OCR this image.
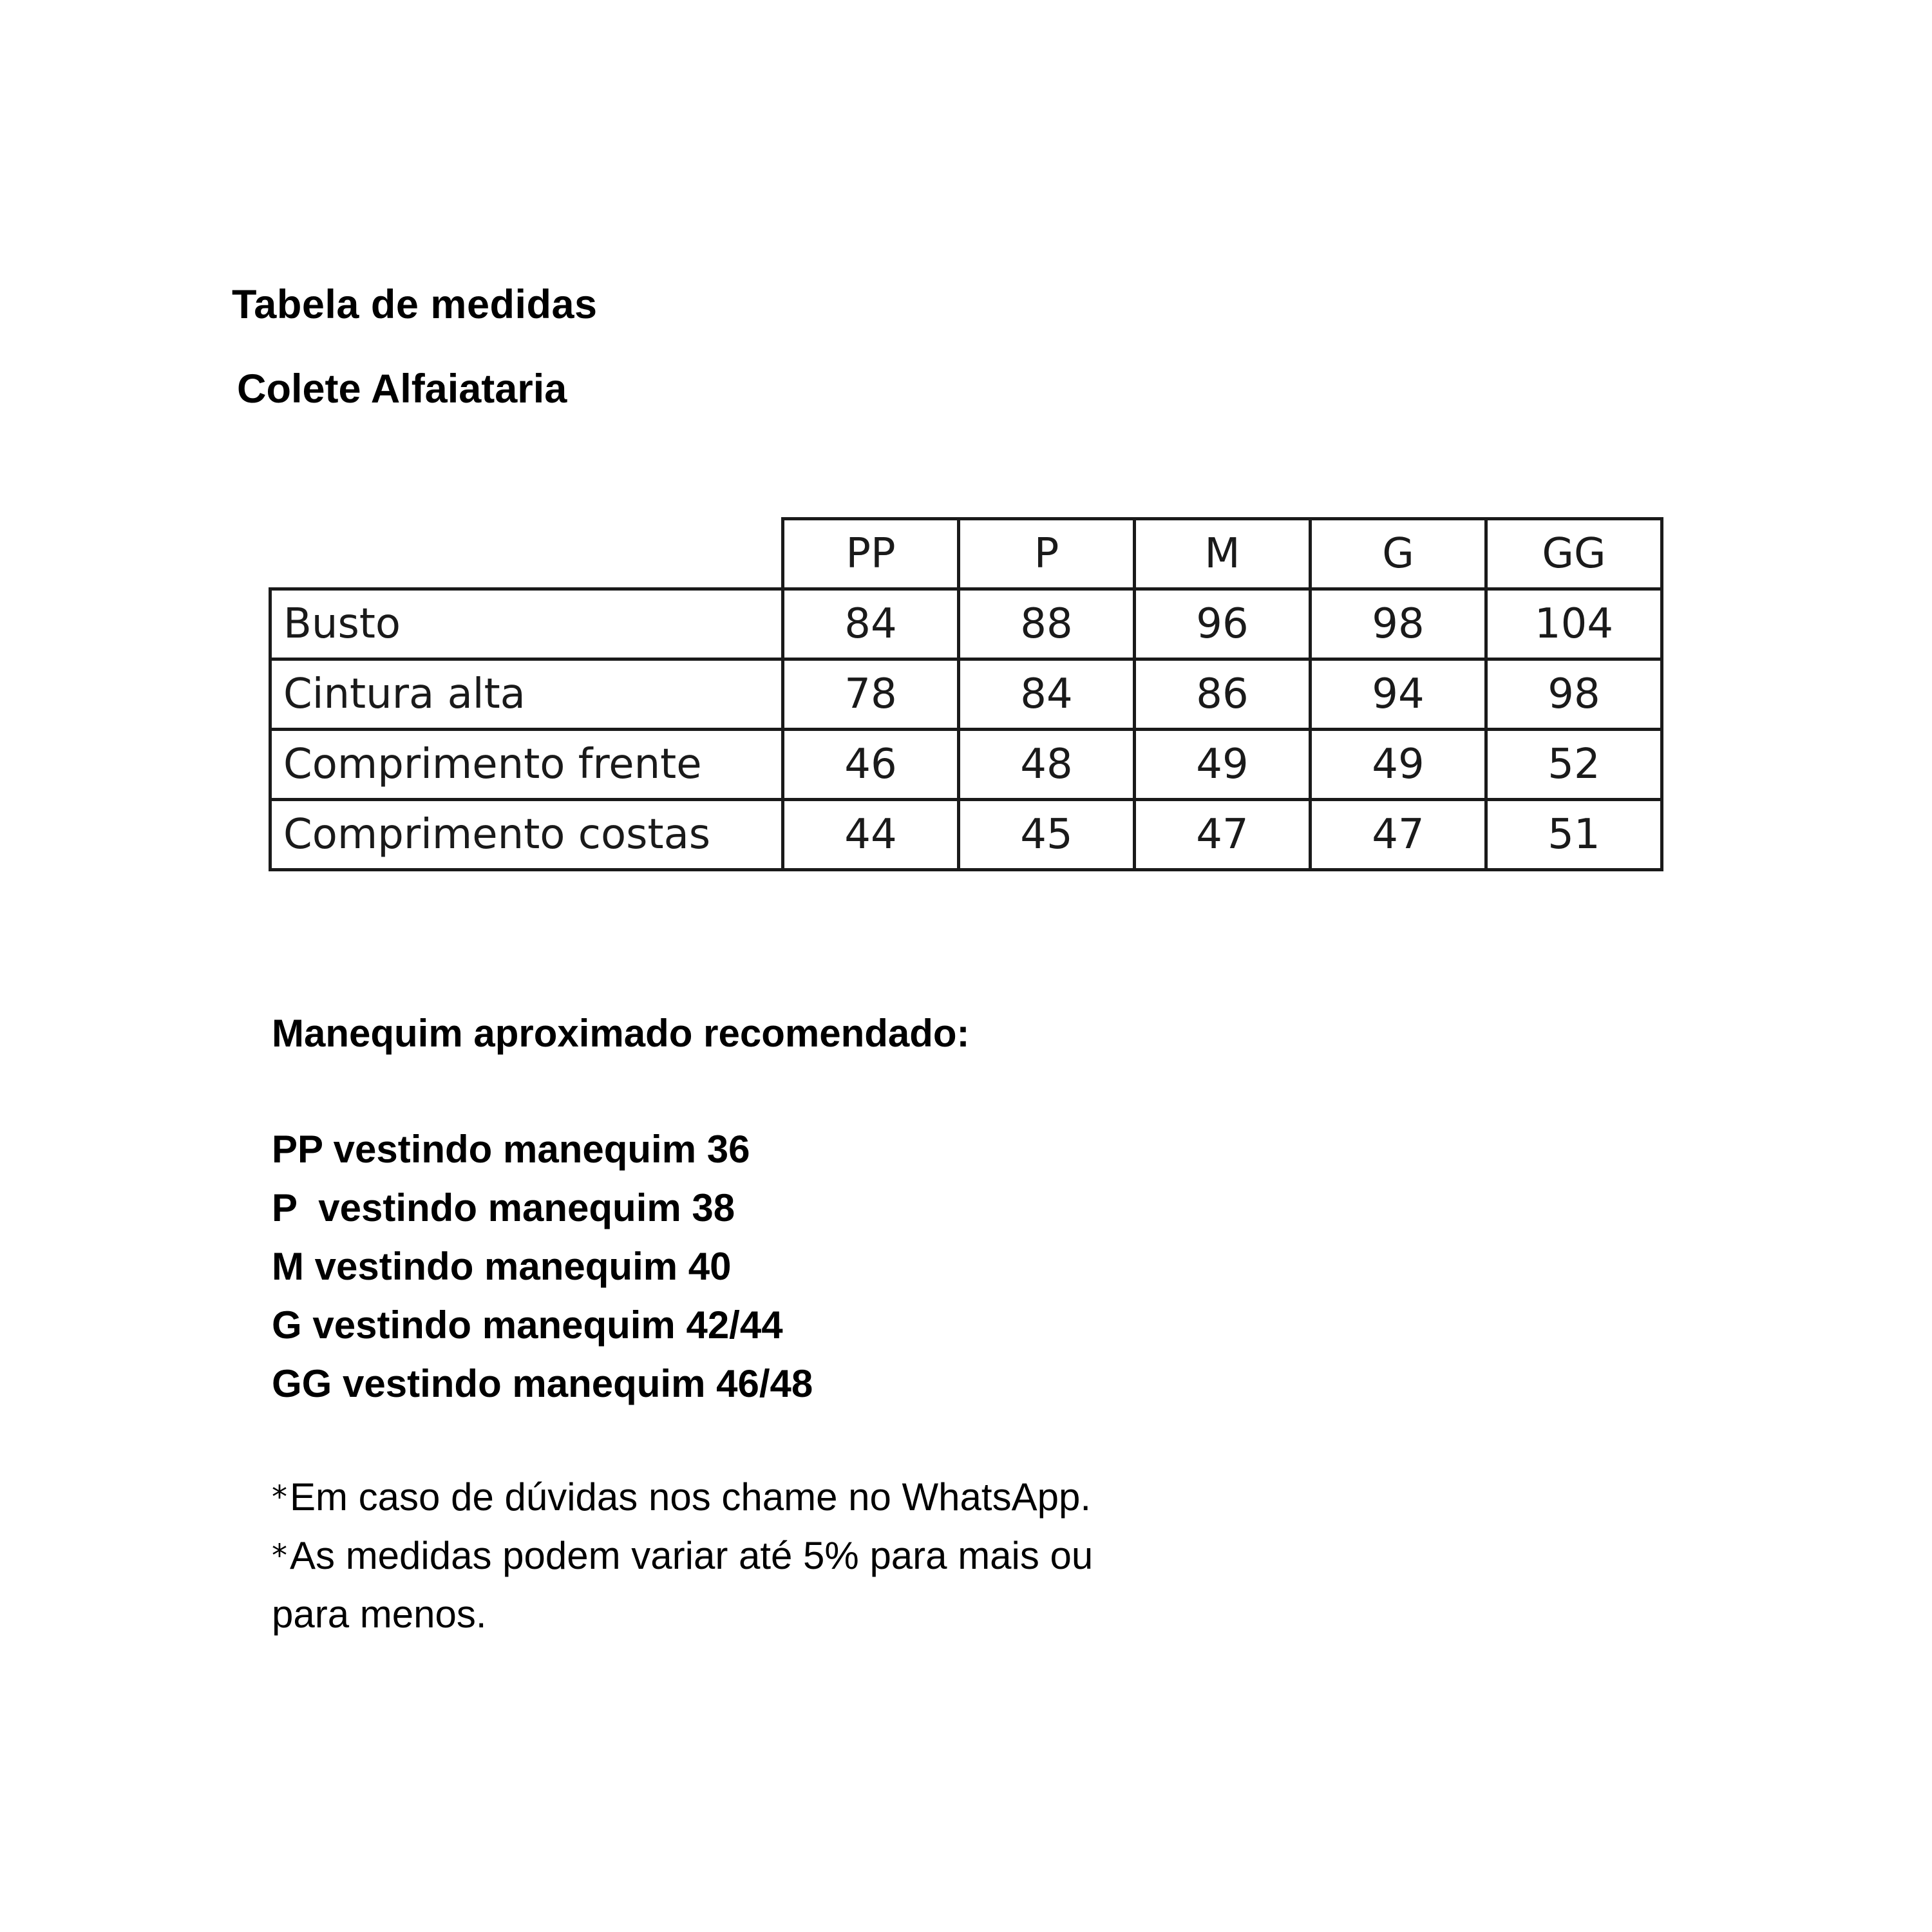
Tabela de medidas
Colete Alfaiataria
	PP	P	M	G	GG
Busto	84	88	96	98	104
Cintura alta	78	84	86	94	98
Comprimento frente	46	48	49	49	52
Comprimento costas	44	45	47	47	51
Manequim aproximado recomendado:
PP vestindo manequim 36
P  vestindo manequim 38
M vestindo manequim 40
G vestindo manequim 42/44
GG vestindo manequim 46/48
*Em caso de dúvidas nos chame no WhatsApp.
*As medidas podem variar até 5% para mais ou
para menos.
